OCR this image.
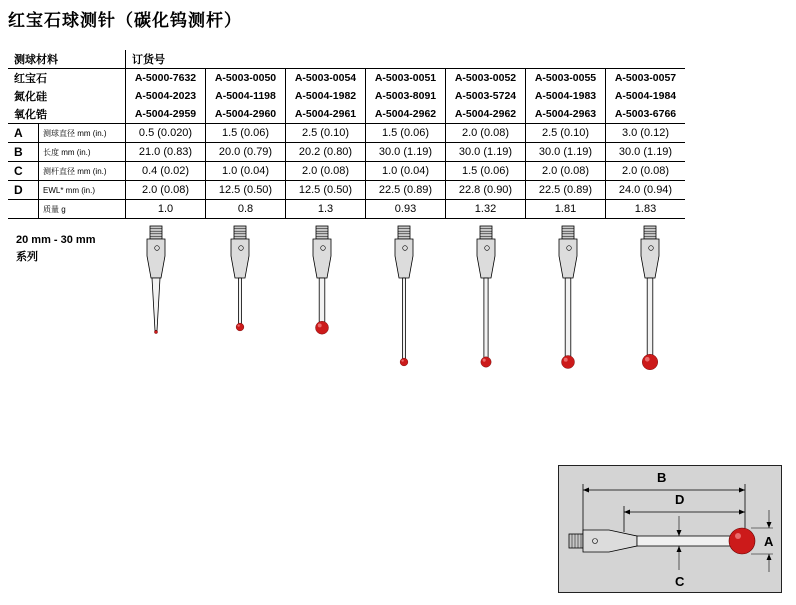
红宝石球测针（碳化钨测杆）
测球材料		订货号						
红宝石		A-5000-7632	A-5003-0050	A-5003-0054	A-5003-0051	A-5003-0052	A-5003-0055	A-5003-0057
氮化硅		A-5004-2023	A-5004-1198	A-5004-1982	A-5003-8091	A-5003-5724	A-5004-1983	A-5004-1984
氧化锆		A-5004-2959	A-5004-2960	A-5004-2961	A-5004-2962	A-5004-2962	A-5004-2963	A-5003-6766
A	测球直径 mm (in.)	0.5 (0.020)	1.5 (0.06)	2.5 (0.10)	1.5 (0.06)	2.0 (0.08)	2.5 (0.10)	3.0 (0.12)
B	长度 mm (in.)	21.0 (0.83)	20.0 (0.79)	20.2 (0.80)	30.0 (1.19)	30.0 (1.19)	30.0 (1.19)	30.0 (1.19)
C	测杆直径 mm (in.)	0.4 (0.02)	1.0 (0.04)	2.0 (0.08)	1.0 (0.04)	1.5 (0.06)	2.0 (0.08)	2.0 (0.08)
D	EWL* mm (in.)	2.0 (0.08)	12.5 (0.50)	12.5 (0.50)	22.5 (0.89)	22.8 (0.90)	22.5 (0.89)	24.0 (0.94)
	质量 g	1.0	0.8	1.3	0.93	1.32	1.81	1.83
20 mm - 30 mm
系列
B
D
A
C
